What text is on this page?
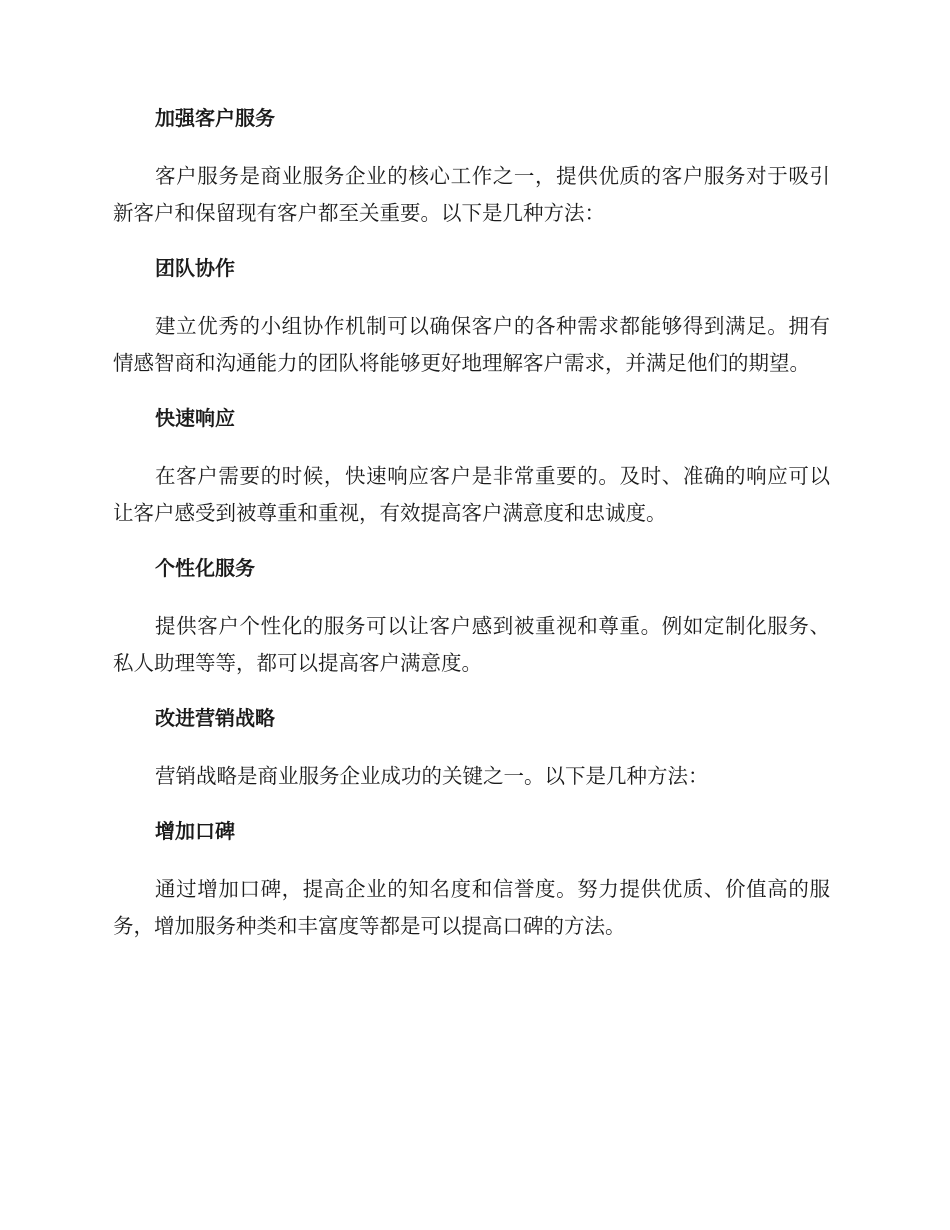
加强客户服务

客户服务是商业服务企业的核心工作之一，提供优质的客户服务对于吸引新客户和保留现有客户都至关重要。以下是几种方法：

团队协作

建立优秀的小组协作机制可以确保客户的各种需求都能够得到满足。拥有情感智商和沟通能力的团队将能够更好地理解客户需求，并满足他们的期望。

快速响应

在客户需要的时候，快速响应客户是非常重要的。及时、准确的响应可以让客户感受到被尊重和重视，有效提高客户满意度和忠诚度。

个性化服务

提供客户个性化的服务可以让客户感到被重视和尊重。例如定制化服务、私人助理等等，都可以提高客户满意度。

改进营销战略

营销战略是商业服务企业成功的关键之一。以下是几种方法：

增加口碑

通过增加口碑，提高企业的知名度和信誉度。努力提供优质、价值高的服务，增加服务种类和丰富度等都是可以提高口碑的方法。
